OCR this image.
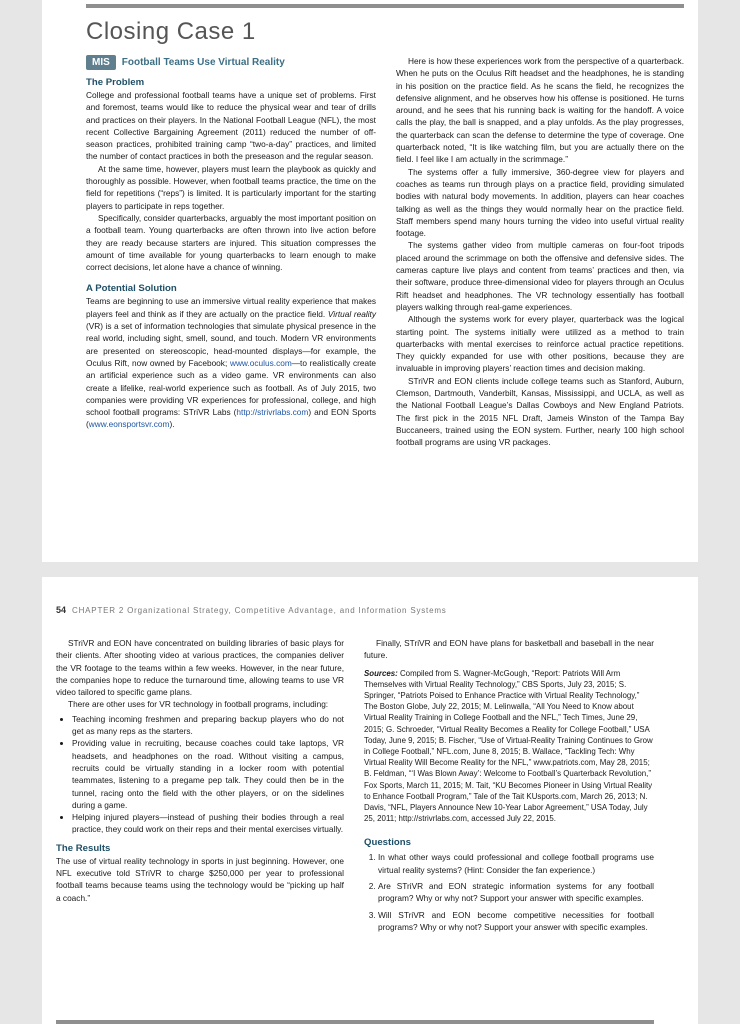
Closing Case 1
MIS	Football Teams Use Virtual Reality
The Problem

College and professional football teams have a unique set of problems. First and foremost, teams would like to reduce the physical wear and tear of drills and practices on their players. In the National Football League (NFL), the most recent Collective Bargaining Agreement (2011) reduced the number of off-season practices, prohibited training camp “two-a-day” practices, and limited the number of contact practices in both the preseason and the regular season.

At the same time, however, players must learn the playbook as quickly and thoroughly as possible. However, when football teams practice, the time on the field for repetitions (“reps”) is limited. It is particularly important for the starting players to participate in reps together.

Specifically, consider quarterbacks, arguably the most important position on a football team. Young quarterbacks are often thrown into live action before they are ready because starters are injured. This situation compresses the amount of time available for young quarterbacks to learn enough to make correct decisions, let alone have a chance of winning.

A Potential Solution

Teams are beginning to use an immersive virtual reality experience that makes players feel and think as if they are actually on the practice field. Virtual reality (VR) is a set of information technologies that simulate physical presence in the real world, including sight, smell, sound, and touch. Modern VR environments are presented on stereoscopic, head-mounted displays—for example, the Oculus Rift, now owned by Facebook; www.oculus.com—to realistically create an artificial experience such as a video game. VR environments can also create a lifelike, real-world experience such as football. As of July 2015, two companies were providing VR experiences for professional, college, and high school football programs: STriVR Labs (http://strivrlabs.com) and EON Sports (www.eonsportsvr.com).

Here is how these experiences work from the perspective of a quarterback. When he puts on the Oculus Rift headset and the headphones, he is standing in his position on the practice field. As he scans the field, he recognizes the defensive alignment, and he observes how his offense is positioned. He turns around, and he sees that his running back is waiting for the handoff. A voice calls the play, the ball is snapped, and a play unfolds. As the play progresses, the quarterback can scan the defense to determine the type of coverage. One quarterback noted, “It is like watching film, but you are actually there on the field. I feel like I am actually in the scrimmage.”

The systems offer a fully immersive, 360-degree view for players and coaches as teams run through plays on a practice field, providing simulated bodies with natural body movements. In addition, players can hear coaches talking as well as the things they would normally hear on the practice field. Staff members spend many hours turning the video into useful virtual reality footage.

The systems gather video from multiple cameras on four-foot tripods placed around the scrimmage on both the offensive and defensive sides. The cameras capture live plays and content from teams’ practices and then, via their software, produce three-dimensional video for players through an Oculus Rift headset and headphones. The VR technology essentially has football players walking through real-game experiences.

Although the systems work for every player, quarterback was the logical starting point. The systems initially were utilized as a method to train quarterbacks with mental exercises to reinforce actual practice repetitions. They quickly expanded for use with other positions, because they are invaluable in improving players’ reaction times and decision making.

STriVR and EON clients include college teams such as Stanford, Auburn, Clemson, Dartmouth, Vanderbilt, Kansas, Mississippi, and UCLA, as well as the National Football League’s Dallas Cowboys and New England Patriots. The first pick in the 2015 NFL Draft, Jameis Winston of the Tampa Bay Buccaneers, trained using the EON system. Further, nearly 100 high school football programs are using VR packages.

54 CHAPTER 2 Organizational Strategy, Competitive Advantage, and Information Systems

STriVR and EON have concentrated on building libraries of basic plays for their clients. After shooting video at various practices, the companies deliver the VR footage to the teams within a few weeks. However, in the near future, the companies hope to reduce the turnaround time, allowing teams to use VR video tailored to specific game plans.

There are other uses for VR technology in football programs, including:

• Teaching incoming freshmen and preparing backup players who do not get as many reps as the starters.
• Providing value in recruiting, because coaches could take laptops, VR headsets, and headphones on the road. Without visiting a campus, recruits could be virtually standing in a locker room with potential teammates, listening to a pregame pep talk. They could then be in the tunnel, racing onto the field with the other players, or on the sidelines during a game.
• Helping injured players—instead of pushing their bodies through a real practice, they could work on their reps and their mental exercises virtually.
The Results

The use of virtual reality technology in sports in just beginning. However, one NFL executive told STriVR to charge $250,000 per year to professional football teams because teams using the technology would be “picking up half a coach.”

Finally, STriVR and EON have plans for basketball and baseball in the near future.

Sources: Compiled from S. Wagner-McGough, “Report: Patriots Will Arm Themselves with Virtual Reality Technology,” CBS Sports, July 23, 2015; S. Springer, “Patriots Poised to Enhance Practice with Virtual Reality Technology,” The Boston Globe, July 22, 2015; M. Lelinwalla, “All You Need to Know about Virtual Reality Training in College Football and the NFL,” Tech Times, June 29, 2015; G. Schroeder, “Virtual Reality Becomes a Reality for College Football,” USA Today, June 9, 2015; B. Fischer, “Use of Virtual-Reality Training Continues to Grow in College Football,” NFL.com, June 8, 2015; B. Wallace, “Tackling Tech: Why Virtual Reality Will Become Reality for the NFL,” www.patriots.com, May 28, 2015; B. Feldman, “‘I Was Blown Away’: Welcome to Football’s Quarterback Revolution,” Fox Sports, March 11, 2015; M. Tait, “KU Becomes Pioneer in Using Virtual Reality to Enhance Football Program,” Tale of the Tait KUsports.com, March 26, 2013; N. Davis, “NFL, Players Announce New 10-Year Labor Agreement,” USA Today, July 25, 2011; http://strivrlabs.com, accessed July 22, 2015.
Questions
1. In what other ways could professional and college football programs use virtual reality systems? (Hint: Consider the fan experience.)
2. Are STriVR and EON strategic information systems for any football program? Why or why not? Support your answer with specific examples.
3. Will STriVR and EON become competitive necessities for football programs? Why or why not? Support your answer with specific examples.
